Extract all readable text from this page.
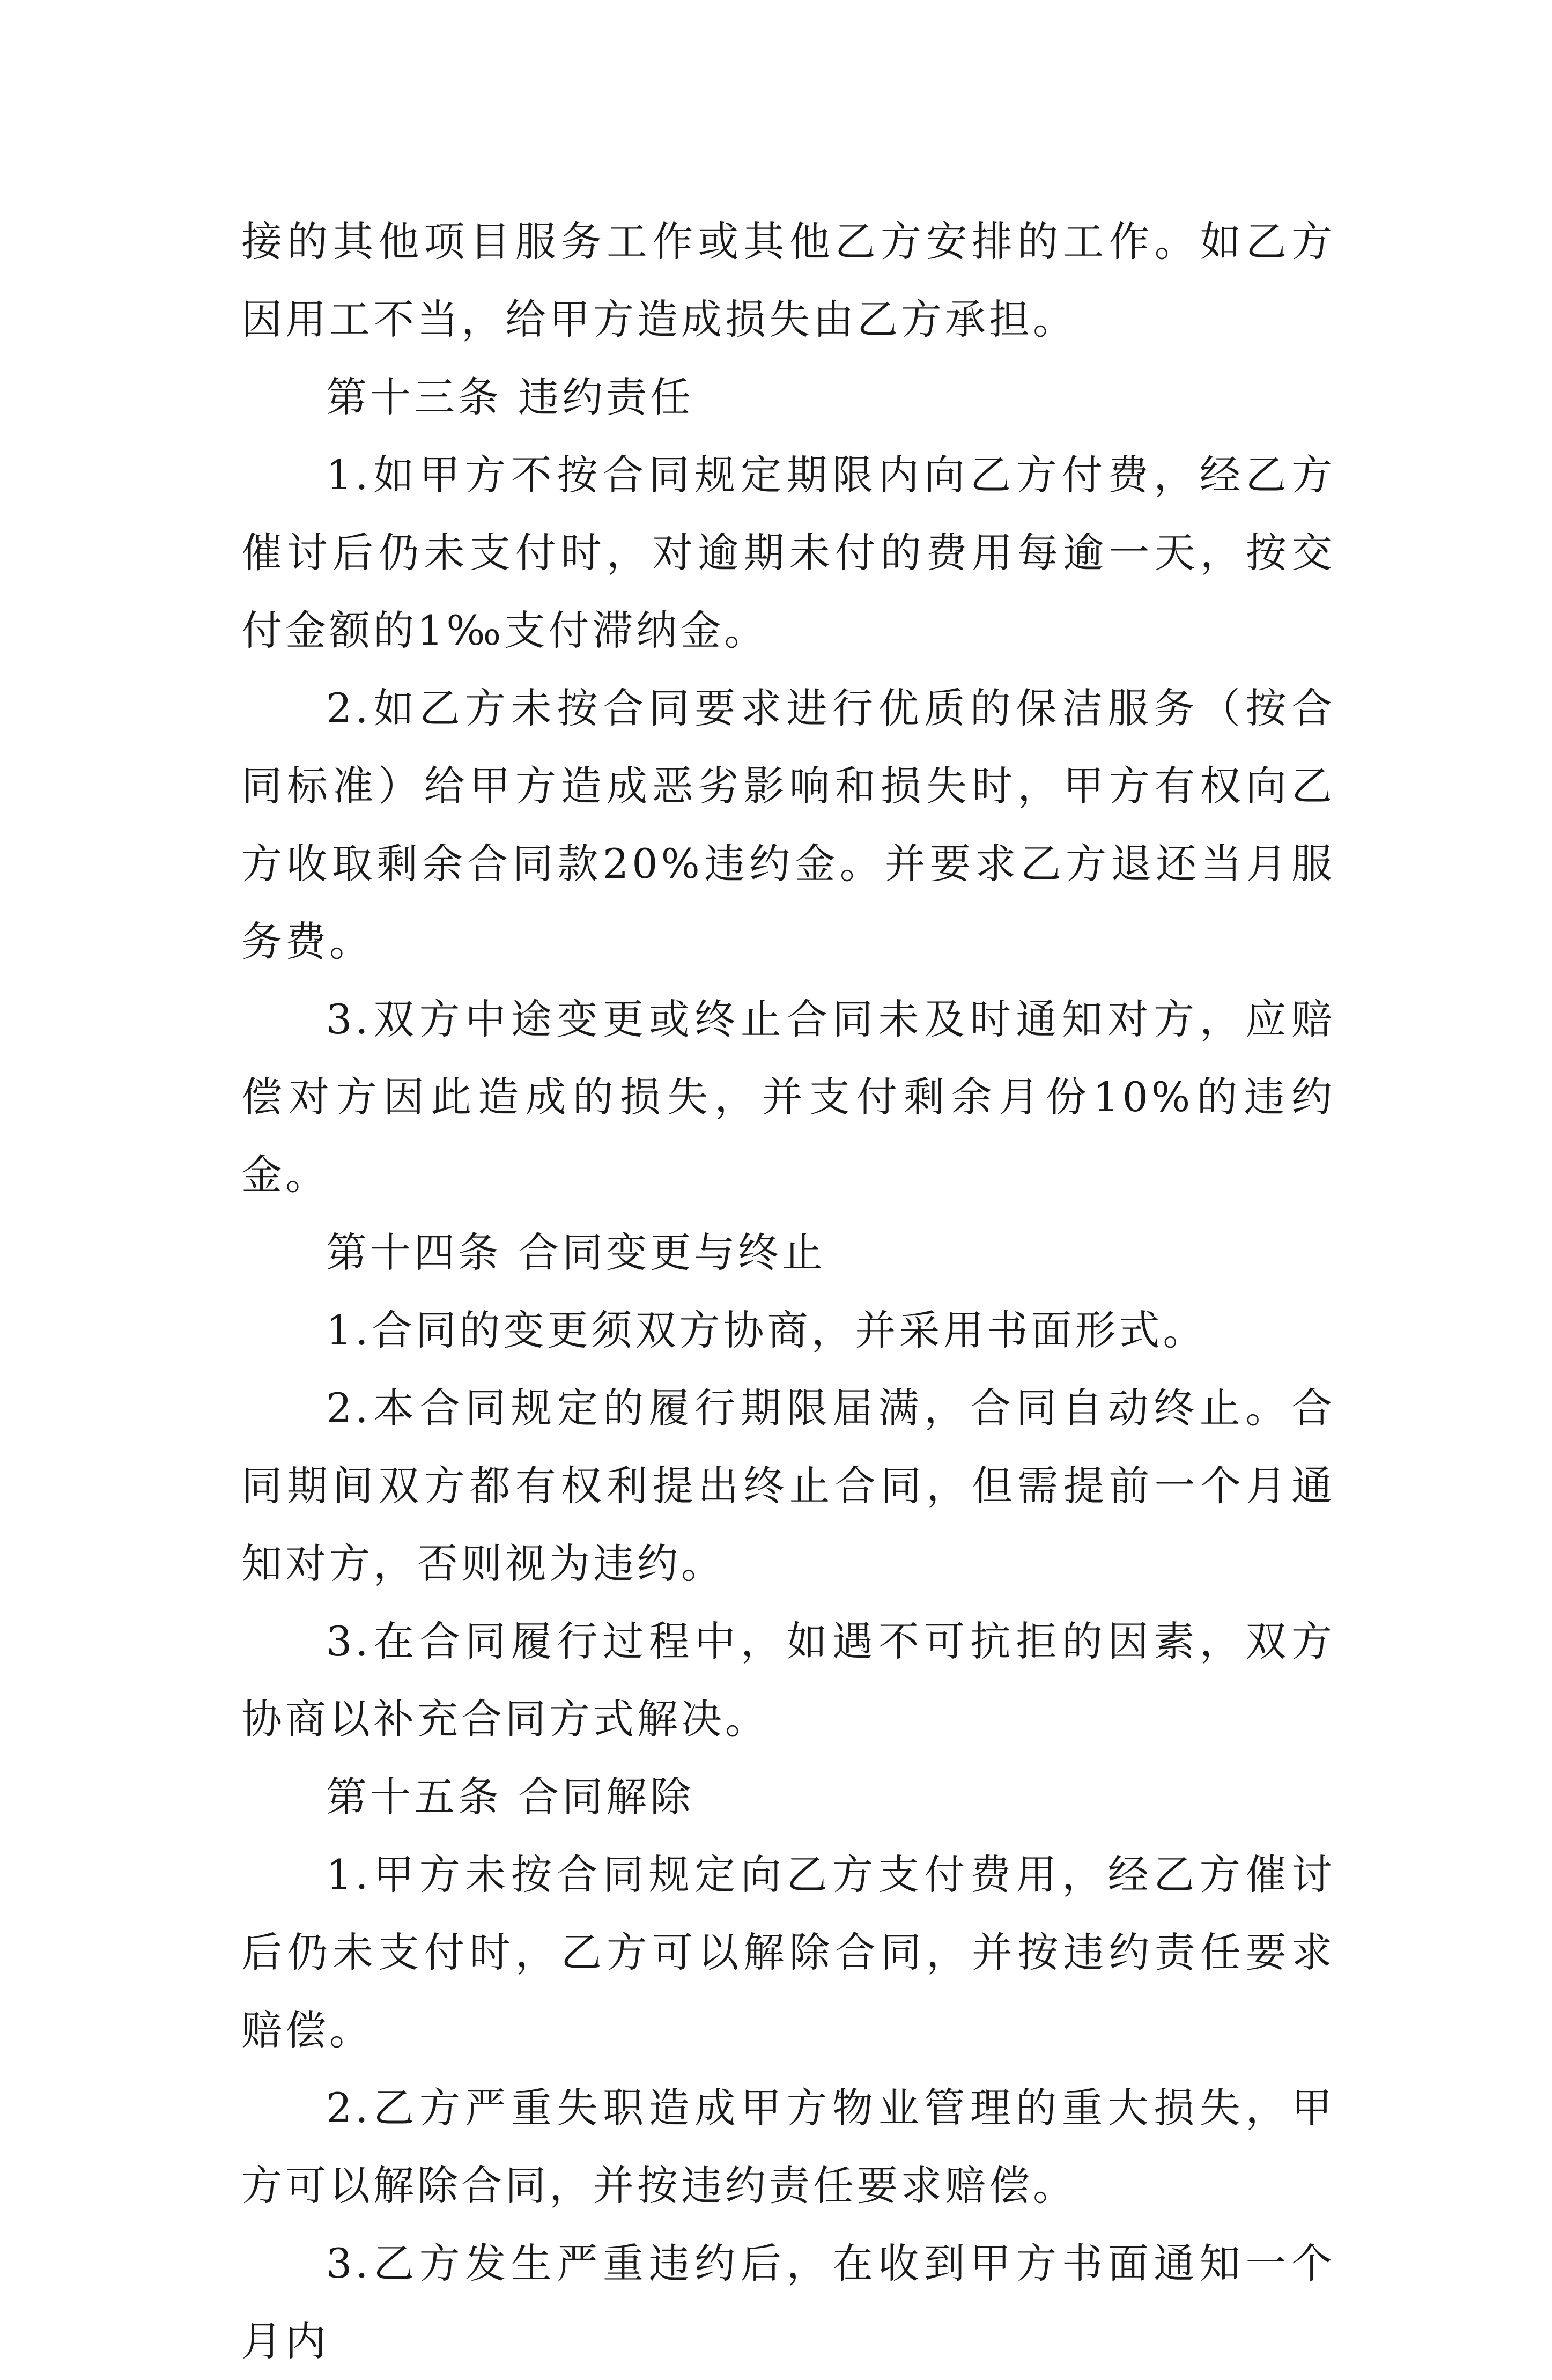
接的其他项目服务工作或其他乙方安排的工作。如乙方因用工不当，给甲方造成损失由乙方承担。

第十三条 违约责任

1.如甲方不按合同规定期限内向乙方付费，经乙方催讨后仍未支付时，对逾期未付的费用每逾一天，按交付金额的1‰支付滞纳金。

2.如乙方未按合同要求进行优质的保洁服务（按合同标准）给甲方造成恶劣影响和损失时，甲方有权向乙方收取剩余合同款20%违约金。并要求乙方退还当月服务费。

3.双方中途变更或终止合同未及时通知对方，应赔偿对方因此造成的损失，并支付剩余月份10%的违约金。

第十四条 合同变更与终止

1.合同的变更须双方协商，并采用书面形式。

2.本合同规定的履行期限届满，合同自动终止。合同期间双方都有权利提出终止合同，但需提前一个月通知对方，否则视为违约。

3.在合同履行过程中，如遇不可抗拒的因素，双方协商以补充合同方式解决。

第十五条 合同解除

1.甲方未按合同规定向乙方支付费用，经乙方催讨后仍未支付时，乙方可以解除合同，并按违约责任要求赔偿。

2.乙方严重失职造成甲方物业管理的重大损失，甲方可以解除合同，并按违约责任要求赔偿。

3.乙方发生严重违约后，在收到甲方书面通知一个月内
